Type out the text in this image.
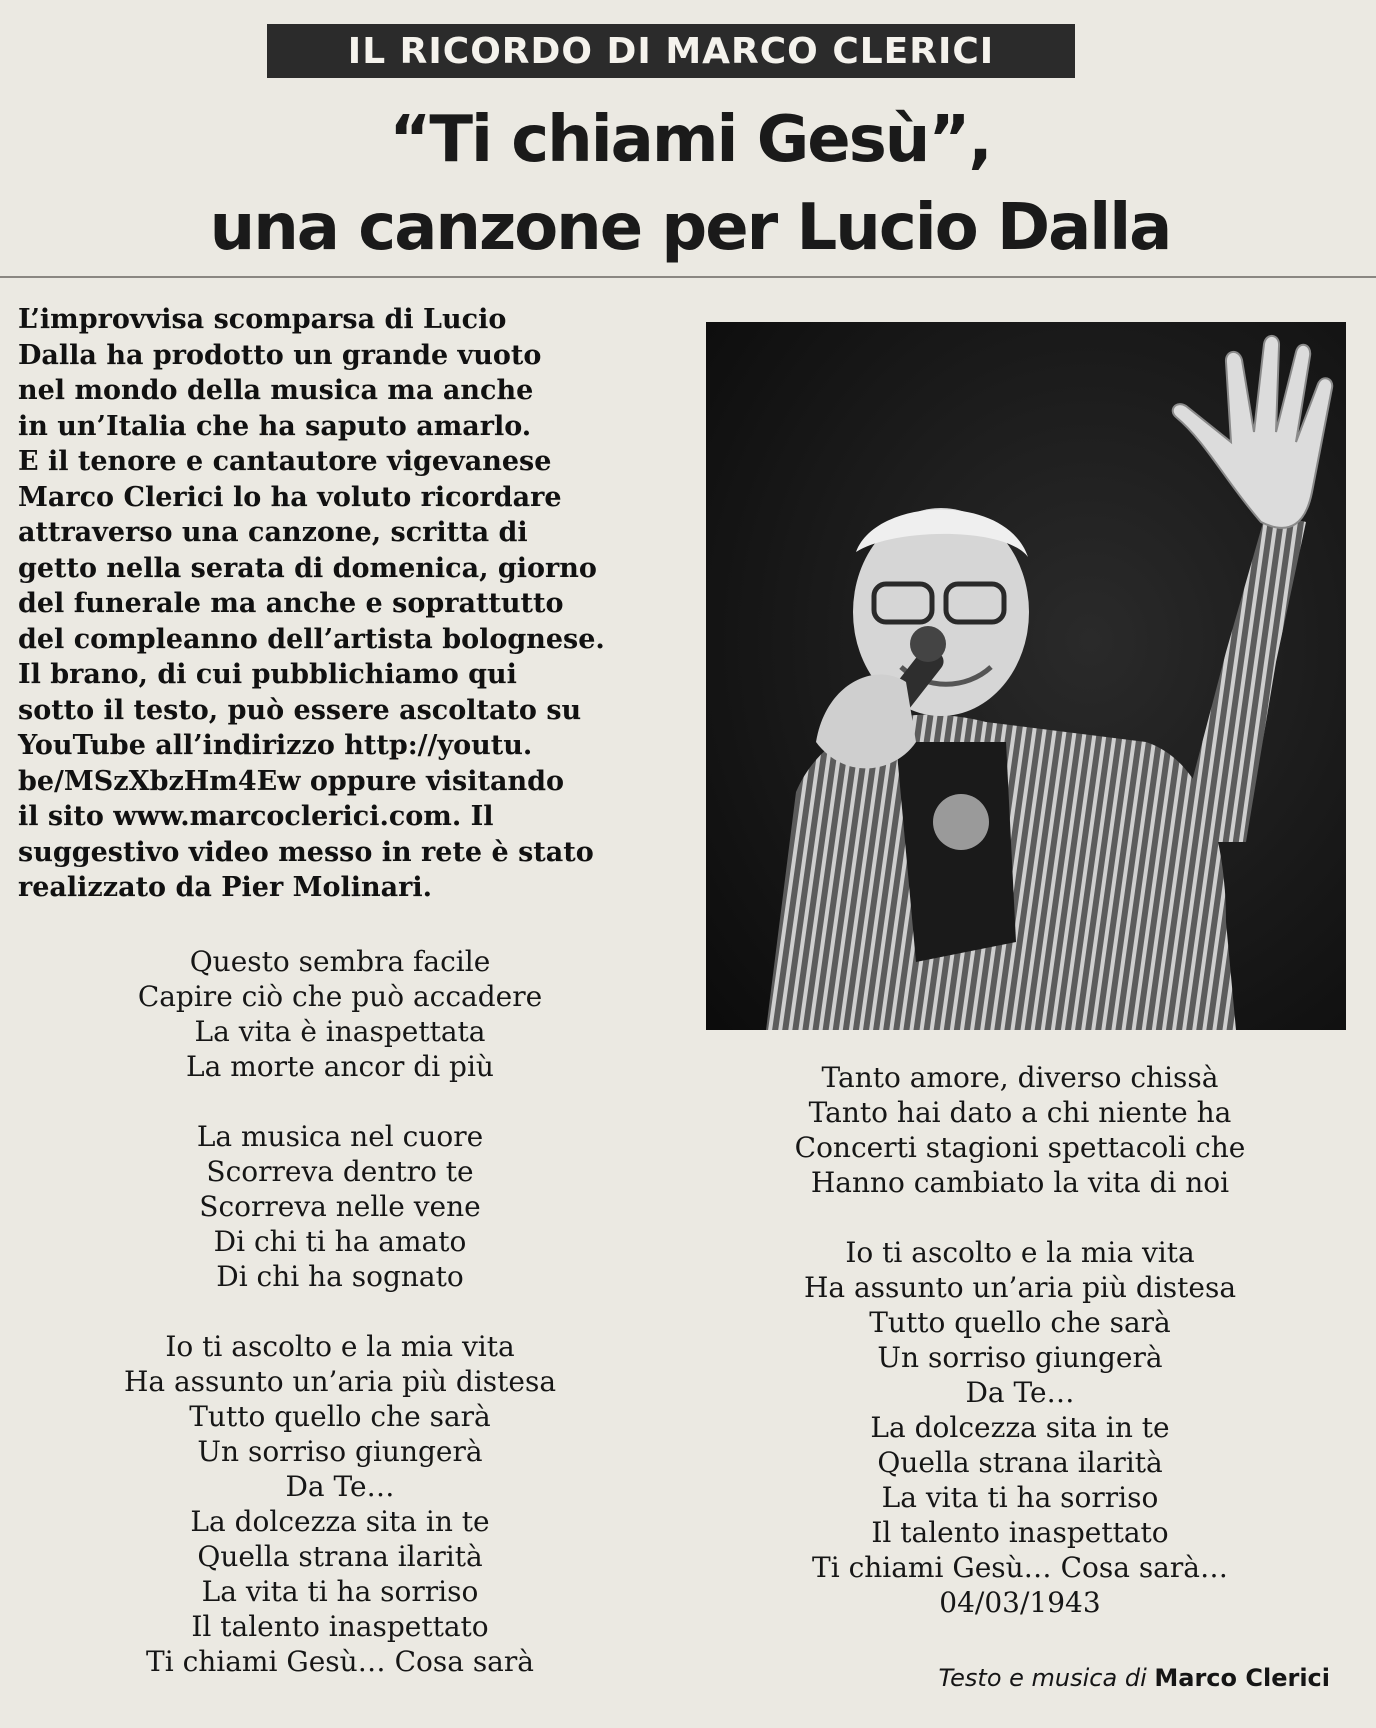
IL RICORDO DI MARCO CLERICI
“Ti chiami Gesù”,
una canzone per Lucio Dalla
L’improvvisa scomparsa di Lucio
Dalla ha prodotto un grande vuoto
nel mondo della musica ma anche
in un’Italia che ha saputo amarlo.
E il tenore e cantautore vigevanese
Marco Clerici lo ha voluto ricordare
attraverso una canzone, scritta di
getto nella serata di domenica, giorno
del funerale ma anche e soprattutto
del compleanno dell’artista bolognese.
Il brano, di cui pubblichiamo qui
sotto il testo, può essere ascoltato su
YouTube all’indirizzo http://youtu.
be/MSzXbzHm4Ew oppure visitando
il sito www.marcoclerici.com. Il
suggestivo video messo in rete è stato
realizzato da Pier Molinari.
Questo sembra facile
Capire ciò che può accadere
La vita è inaspettata
La morte ancor di più
La musica nel cuore
Scorreva dentro te
Scorreva nelle vene
Di chi ti ha amato
Di chi ha sognato
Io ti ascolto e la mia vita
Ha assunto un’aria più distesa
Tutto quello che sarà
Un sorriso giungerà
Da Te…
La dolcezza sita in te
Quella strana ilarità
La vita ti ha sorriso
Il talento inaspettato
Ti chiami Gesù… Cosa sarà
Tanto amore, diverso chissà
Tanto hai dato a chi niente ha
Concerti stagioni spettacoli che
Hanno cambiato la vita di noi
Io ti ascolto e la mia vita
Ha assunto un’aria più distesa
Tutto quello che sarà
Un sorriso giungerà
Da Te…
La dolcezza sita in te
Quella strana ilarità
La vita ti ha sorriso
Il talento inaspettato
Ti chiami Gesù… Cosa sarà…
04/03/1943
Testo e musica di Marco Clerici
